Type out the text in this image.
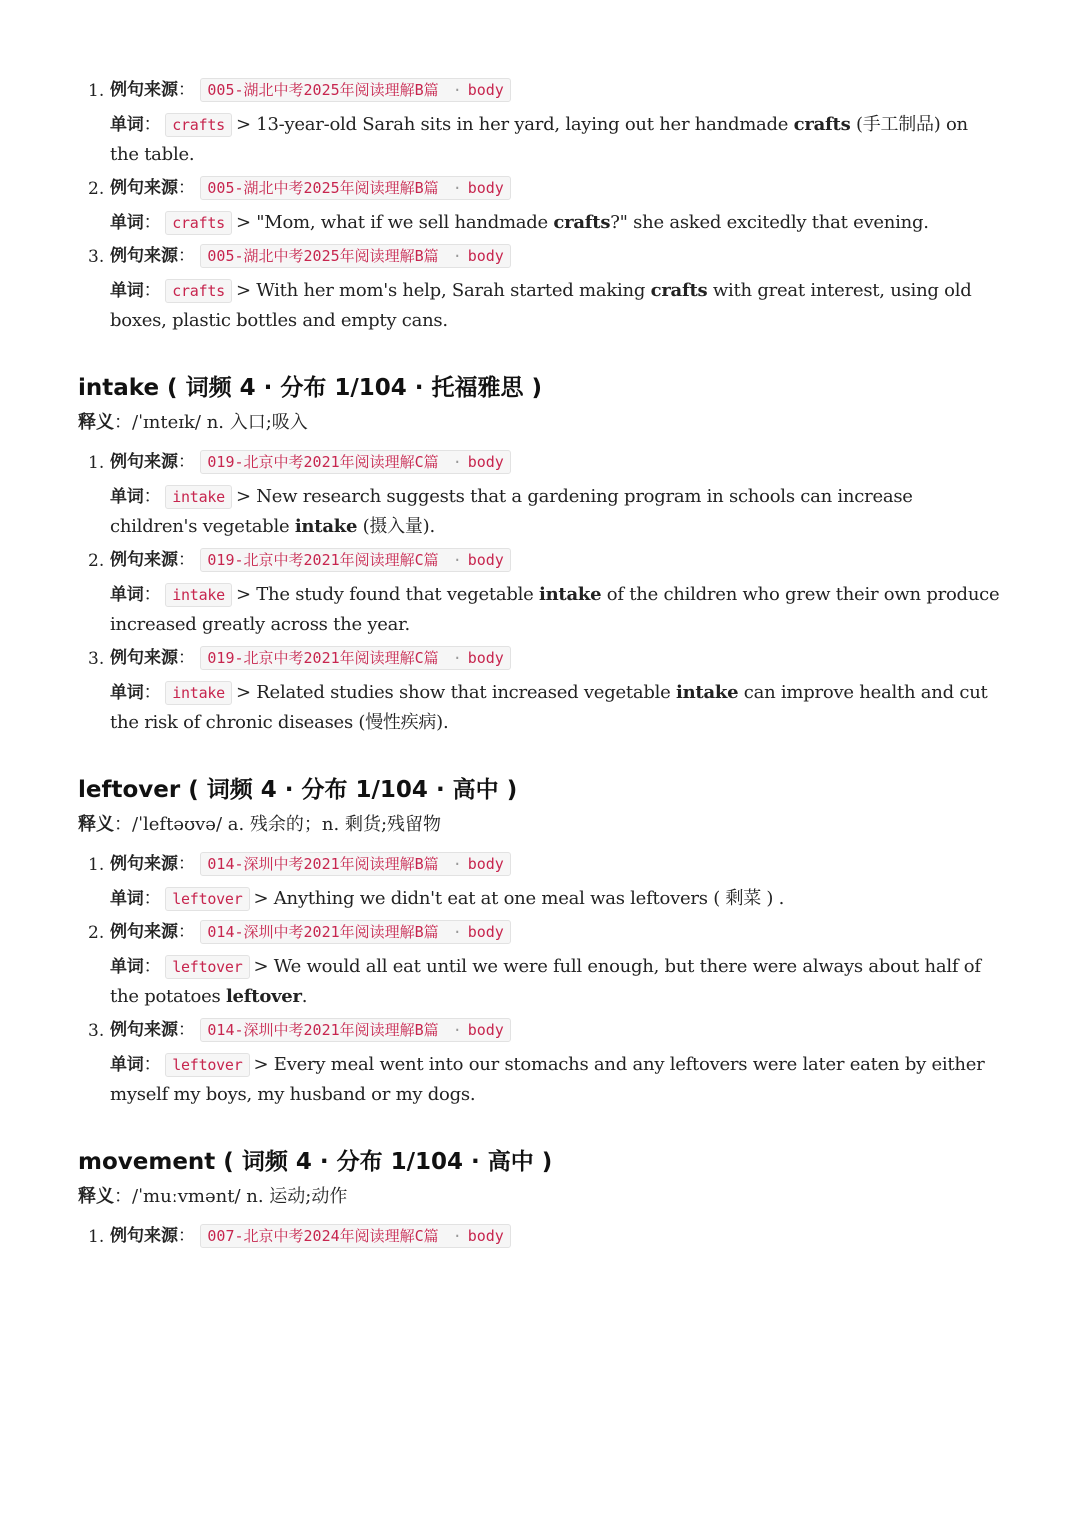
1. 例句来源： 005-湖北中考2025年阅读理解B篇 · body
单词： crafts > 13-year-old Sarah sits in her yard, laying out her handmade crafts (手工制品) on the table.
2. 例句来源： 005-湖北中考2025年阅读理解B篇 · body
单词： crafts > "Mom, what if we sell handmade crafts?" she asked excitedly that evening.
3. 例句来源： 005-湖北中考2025年阅读理解B篇 · body
单词： crafts > With her mom's help, Sarah started making crafts with great interest, using old boxes, plastic bottles and empty cans.
intake ( 词频 4 · 分布 1/104 · 托福雅思 )
释义：/ˈɪnteɪk/ n. 入口;吸入
1. 例句来源： 019-北京中考2021年阅读理解C篇 · body
单词： intake > New research suggests that a gardening program in schools can increase children's vegetable intake (摄入量).
2. 例句来源： 019-北京中考2021年阅读理解C篇 · body
单词： intake > The study found that vegetable intake of the children who grew their own produce increased greatly across the year.
3. 例句来源： 019-北京中考2021年阅读理解C篇 · body
单词： intake > Related studies show that increased vegetable intake can improve health and cut the risk of chronic diseases (慢性疾病).
leftover ( 词频 4 · 分布 1/104 · 高中 )
释义：/ˈleftəʊvə/ a. 残余的；n. 剩货;残留物
1. 例句来源： 014-深圳中考2021年阅读理解B篇 · body
单词： leftover > Anything we didn't eat at one meal was leftovers ( 剩菜 ) .
2. 例句来源： 014-深圳中考2021年阅读理解B篇 · body
单词： leftover > We would all eat until we were full enough, but there were always about half of the potatoes leftover.
3. 例句来源： 014-深圳中考2021年阅读理解B篇 · body
单词： leftover > Every meal went into our stomachs and any leftovers were later eaten by either myself my boys, my husband or my dogs.
movement ( 词频 4 · 分布 1/104 · 高中 )
释义：/ˈmuːvmənt/ n. 运动;动作
1. 例句来源： 007-北京中考2024年阅读理解C篇 · body
